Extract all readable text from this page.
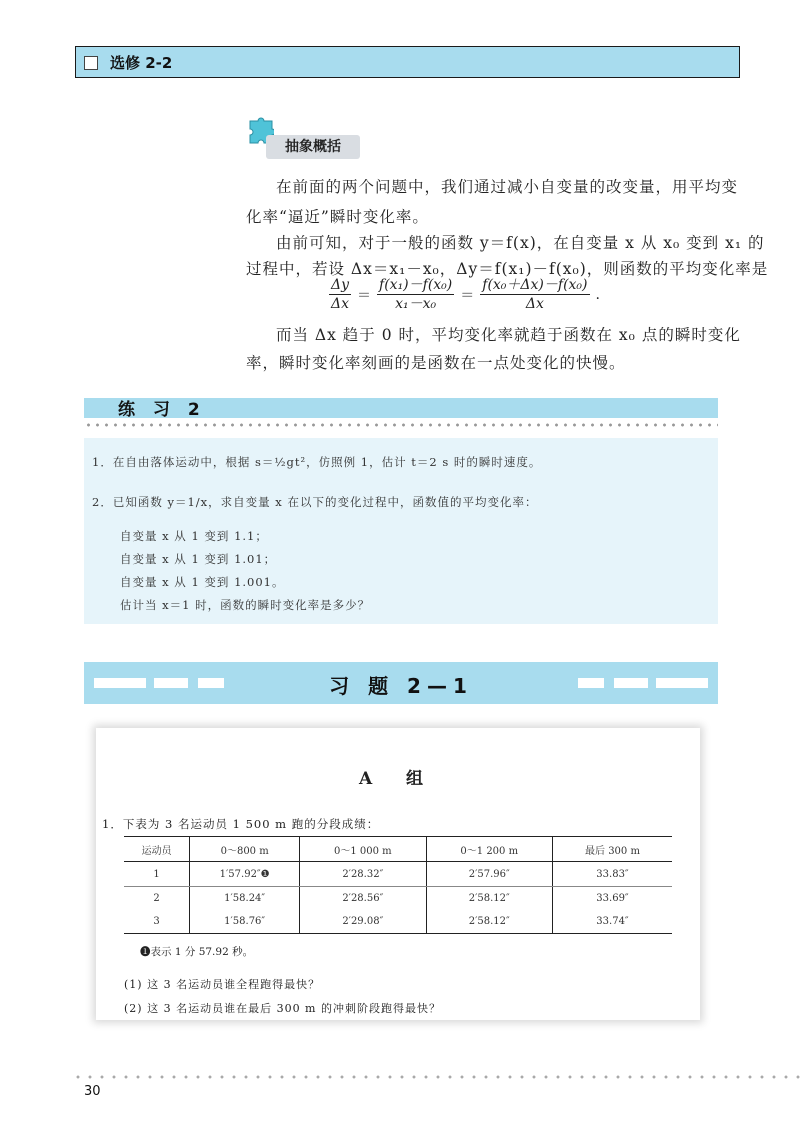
选修 2-2
抽象概括
在前面的两个问题中，我们通过减小自变量的改变量，用平均变
化率“逼近”瞬时变化率。
由前可知，对于一般的函数 y＝f(x)，在自变量 x 从 x₀ 变到 x₁ 的
过程中，若设 Δx＝x₁－x₀，Δy＝f(x₁)－f(x₀)，则函数的平均变化率是
$\frac{\Delta y}{\Delta x} = \frac{\text{f(x₁)－f(x₀)}}{\text{x₁－x₀}} = \frac{\text{f(x₀＋Δx)－f(x₀)}}{\Delta x}$ .
而当 Δx 趋于 0 时，平均变化率就趋于函数在 x₀ 点的瞬时变化
率，瞬时变化率刻画的是函数在一点处变化的快慢。
练 习 2
1．在自由落体运动中，根据 s＝½gt²，仿照例 1，估计 t＝2 s 时的瞬时速度。
2．已知函数 y＝1/x，求自变量 x 在以下的变化过程中，函数值的平均变化率：
自变量 x 从 1 变到 1.1；
自变量 x 从 1 变到 1.01；
自变量 x 从 1 变到 1.001。
估计当 x＝1 时，函数的瞬时变化率是多少？
习 题 2—1
A 组
1．下表为 3 名运动员 1 500 m 跑的分段成绩：
运动员	0～800 m	0～1 000 m	0～1 200 m	最后 300 m
1	1′57.92″❶	2′28.32″	2′57.96″	33.83″
2	1′58.24″	2′28.56″	2′58.12″	33.69″
3	1′58.76″	2′29.08″	2′58.12″	33.74″
❶表示 1 分 57.92 秒。
(1) 这 3 名运动员谁全程跑得最快？
(2) 这 3 名运动员谁在最后 300 m 的冲刺阶段跑得最快？
30
